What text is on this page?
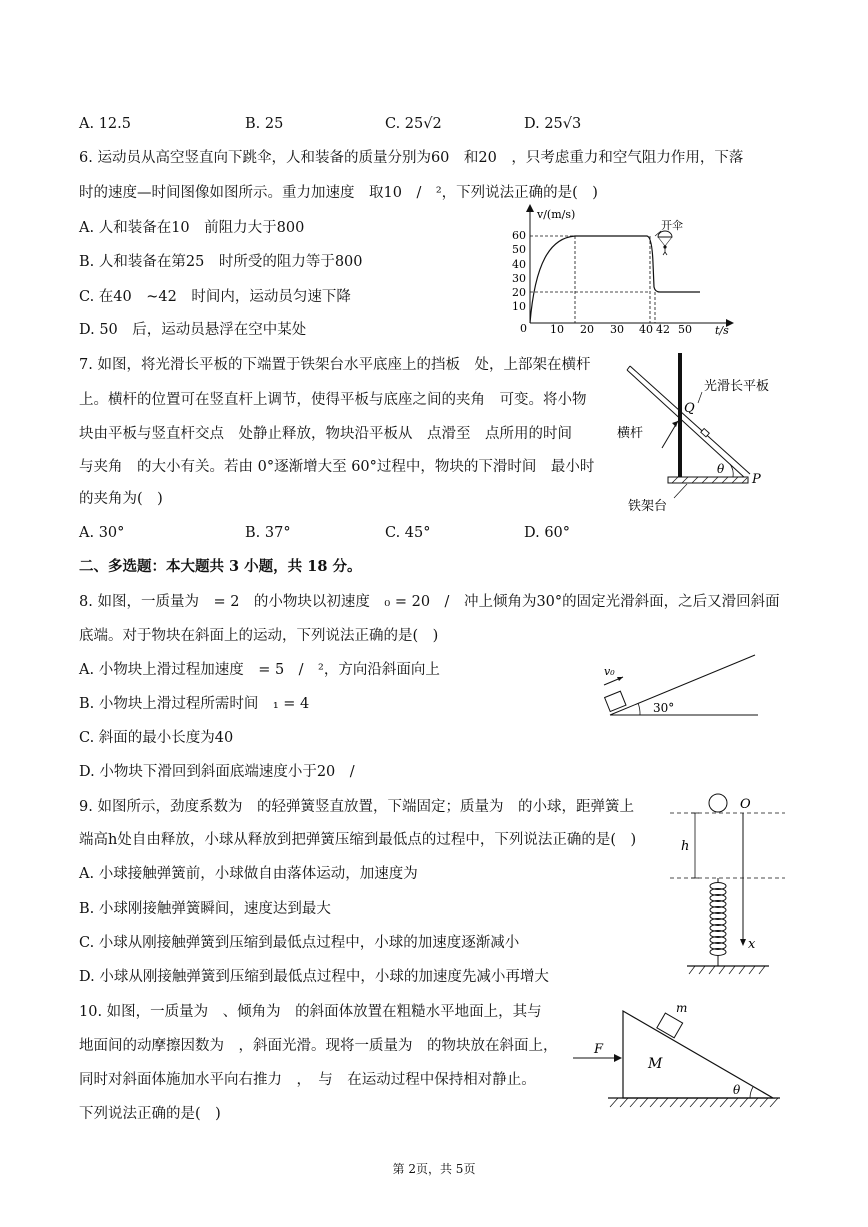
A. 12.5	B. 25	C. 25√2	D. 25√3
6. 运动员从高空竖直向下跳伞，人和装备的质量分别为60　和20　，只考虑重力和空气阻力作用，下落
时的速度—时间图像如图所示。重力加速度　取10　/　²，下列说法正确的是(　)
A. 人和装备在10　前阻力大于800
B. 人和装备在第25　时所受的阻力等于800
C. 在40　~42　时间内，运动员匀速下降
D. 50　后，运动员悬浮在空中某处
v/(m/s)
t/s
0
60
50
40
30
20
10
10 20 30 40 42 50
开伞
7. 如图，将光滑长平板的下端置于铁架台水平底座上的挡板　处，上部架在横杆
上。横杆的位置可在竖直杆上调节，使得平板与底座之间的夹角　可变。将小物
块由平板与竖直杆交点　处静止释放，物块沿平板从　点滑至　点所用的时间
与夹角　的大小有关。若由 0°逐渐增大至 60°过程中，物块的下滑时间　最小时
的夹角为(　)
A. 30°	B. 37°	C. 45°	D. 60°
θ
P
Q
光滑长平板
横杆
铁架台
二、多选题：本大题共 3 小题，共 18 分。
8. 如图，一质量为　= 2　的小物块以初速度　₀ = 20　/　冲上倾角为30°的固定光滑斜面，之后又滑回斜面
底端。对于物块在斜面上的运动，下列说法正确的是(　)
A. 小物块上滑过程加速度　= 5　/　²，方向沿斜面向上
B. 小物块上滑过程所需时间　₁ = 4
C. 斜面的最小长度为40
D. 小物块下滑回到斜面底端速度小于20　/
v₀
30°
9. 如图所示，劲度系数为　的轻弹簧竖直放置，下端固定；质量为　的小球，距弹簧上
端高h处自由释放，小球从释放到把弹簧压缩到最低点的过程中，下列说法正确的是(　)
A. 小球接触弹簧前，小球做自由落体运动，加速度为
B. 小球刚接触弹簧瞬间，速度达到最大
C. 小球从刚接触弹簧到压缩到最低点过程中，小球的加速度逐渐减小
D. 小球从刚接触弹簧到压缩到最低点过程中，小球的加速度先减小再增大
O
x
h
10. 如图，一质量为　、倾角为　的斜面体放置在粗糙水平地面上，其与
地面间的动摩擦因数为　，斜面光滑。现将一质量为　的物块放在斜面上，
同时对斜面体施加水平向右推力　，　与　在运动过程中保持相对静止。
下列说法正确的是(　)
m
M
F
θ
第 2页，共 5页
